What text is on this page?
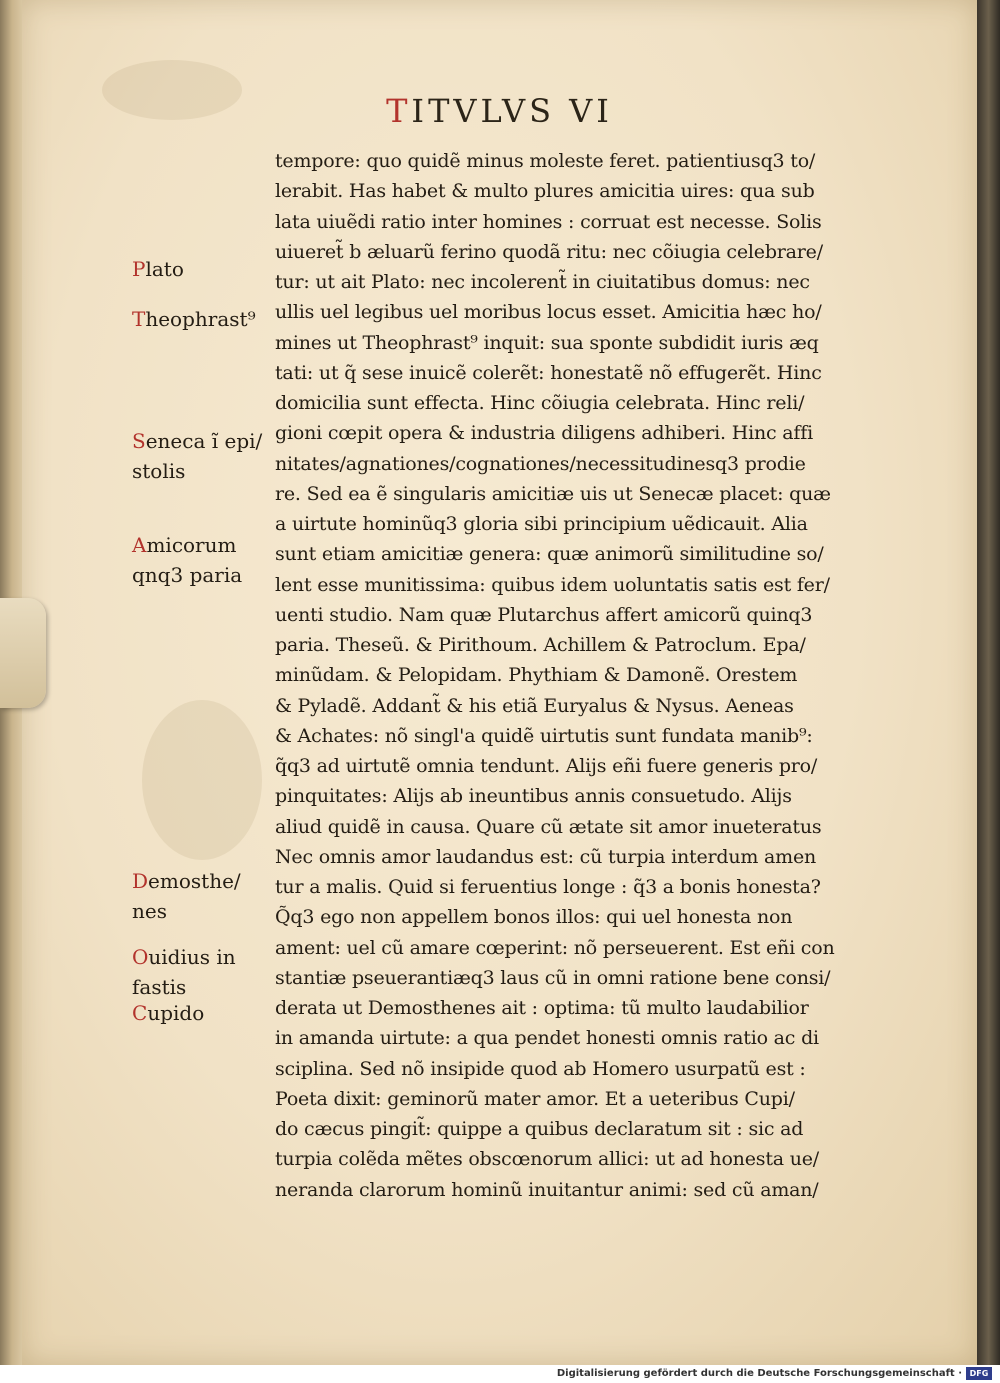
TITVLVS VI
Plato
Theophrast⁹
Seneca ĩ epi/
stolis
Amicorum
qnq3 paria
Demosthe/
nes
Ouidius in
fastis
Cupido
tempore: quo quidẽ minus moleste feret. patientiusq3 to/
lerabit. Has habet & multo plures amicitia uires: qua sub
lata uiuẽdi ratio inter homines : corruat est necesse. Solis
uiueret̃ b æluarũ ferino quodã ritu: nec cõiugia celebrare/
tur: ut ait Plato: nec incolerent̃ in ciuitatibus domus: nec
ullis uel legibus uel moribus locus esset. Amicitia hæc ho/
mines ut Theophrast⁹ inquit: sua sponte subdidit iuris æq
tati: ut q̃ sese inuicẽ colerẽt: honestatẽ nõ effugerẽt. Hinc
domicilia sunt effecta. Hinc cõiugia celebrata. Hinc reli/
gioni cœpit opera & industria diligens adhiberi. Hinc affi
nitates/agnationes/cognationes/necessitudinesq3 prodie
re. Sed ea ẽ singularis amicitiæ uis ut Senecæ placet: quæ
a uirtute hominũq3 gloria sibi principium uẽdicauit. Alia
sunt etiam amicitiæ genera: quæ animorũ similitudine so/
lent esse munitissima: quibus idem uoluntatis satis est fer/
uenti studio. Nam quæ Plutarchus affert amicorũ quinq3
paria. Theseũ. & Pirithoum. Achillem & Patroclum. Epa/
minũdam. & Pelopidam. Phythiam & Damonẽ. Orestem
& Pyladẽ. Addant̃ & his etiã Euryalus & Nysus. Aeneas
& Achates: nõ singl'a quidẽ uirtutis sunt fundata manib⁹:
q̃q3 ad uirtutẽ omnia tendunt. Alijs eñi fuere generis pro/
pinquitates: Alijs ab ineuntibus annis consuetudo. Alijs
aliud quidẽ in causa. Quare cũ ætate sit amor inueteratus
Nec omnis amor laudandus est: cũ turpia interdum amen
tur a malis. Quid si feruentius longe : q̃3 a bonis honesta?
Q̃q3 ego non appellem bonos illos: qui uel honesta non
ament: uel cũ amare cœperint: nõ perseuerent. Est eñi con
stantiæ pseuerantiæq3 laus cũ in omni ratione bene consi/
derata ut Demosthenes ait : optima: tũ multo laudabilior
in amanda uirtute: a qua pendet honesti omnis ratio ac di
sciplina. Sed nõ insipide quod ab Homero usurpatũ est :
Poeta dixit: geminorũ mater amor. Et a ueteribus Cupi/
do cæcus pingit̃: quippe a quibus declaratum sit : sic ad
turpia colẽda mẽtes obscœnorum allici: ut ad honesta ue/
neranda clarorum hominũ inuitantur animi: sed cũ aman/
Digitalisierung gefördert durch die Deutsche Forschungsgemeinschaft · DFG
